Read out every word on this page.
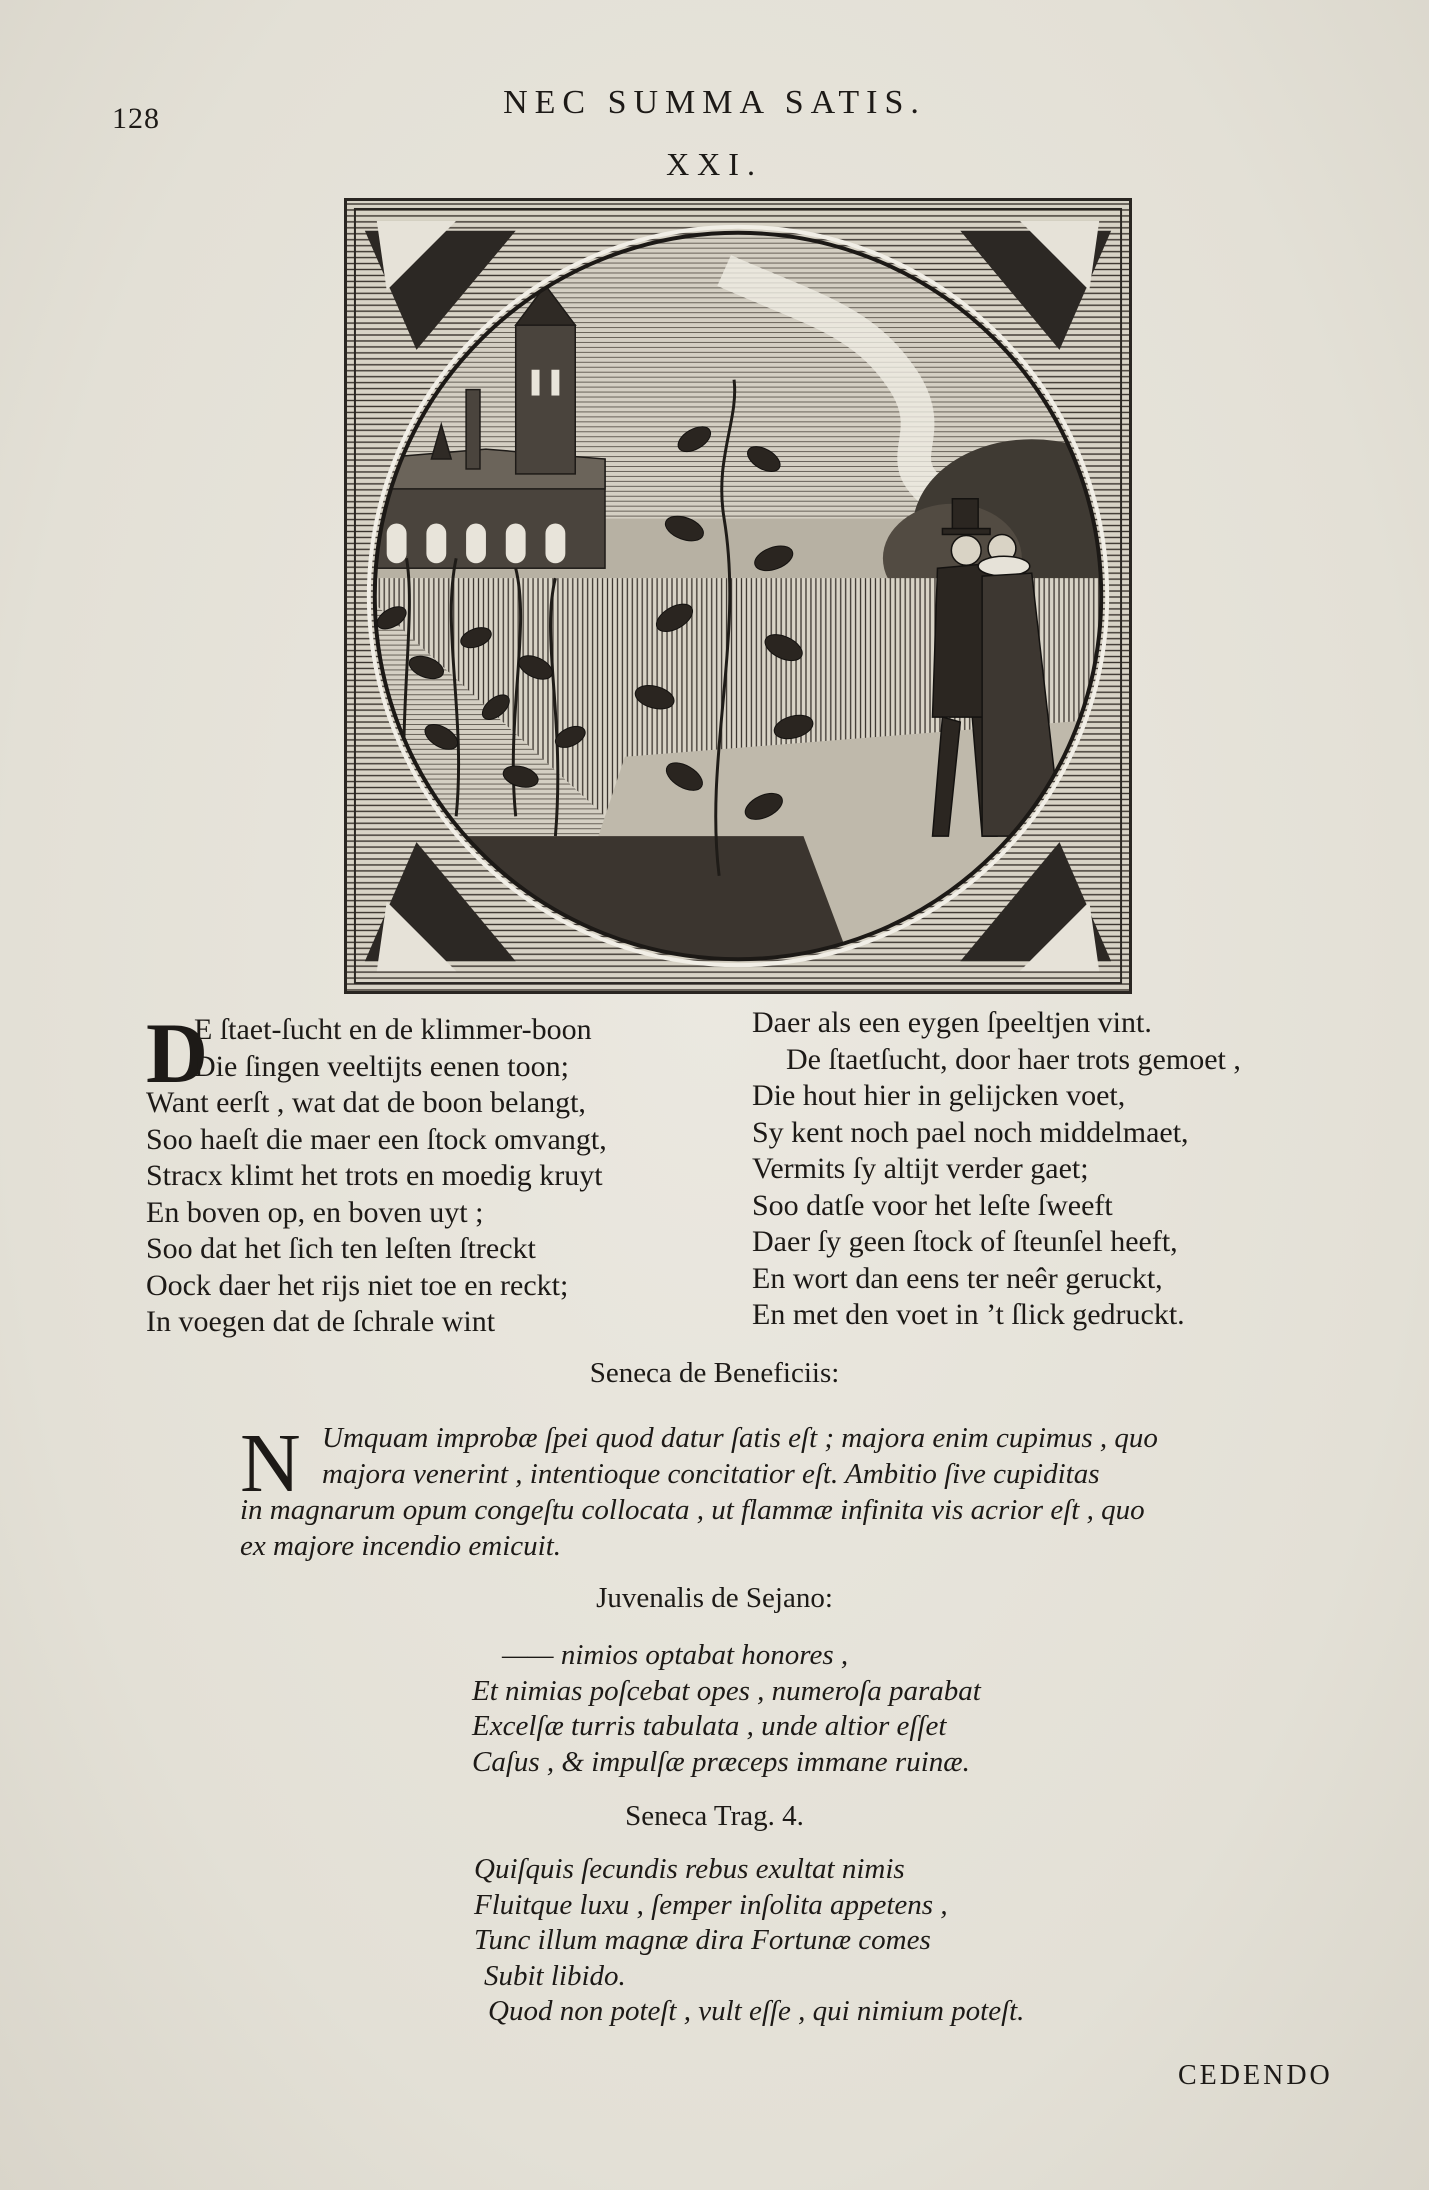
128	NEC SUMMA SATIS.
XXI.
D
E ſtaet-ſucht en de klimmer-boon
Die ſingen veeltijts eenen toon;
Want eerſt , wat dat de boon belangt,
Soo haeſt die maer een ſtock omvangt,
Stracx klimt het trots en moedig kruyt
En boven op, en boven uyt ;
Soo dat het ſich ten leſten ſtreckt
Oock daer het rijs niet toe en reckt;
In voegen dat de ſchrale wint
Daer als een eygen ſpeeltjen vint.
De ſtaetſucht, door haer trots gemoet ,
Die hout hier in gelijcken voet,
Sy kent noch pael noch middelmaet,
Vermits ſy altijt verder gaet;
Soo datſe voor het leſte ſweeft
Daer ſy geen ſtock of ſteunſel heeft,
En wort dan eens ter neêr geruckt,
En met den voet in ’t ſlick gedruckt.
Seneca de Beneficiis:
N Umquam improbæ ſpei quod datur ſatis eſt ; majora enim cupimus , quo
majora venerint , intentioque concitatior eſt. Ambitio ſive cupiditas
in magnarum opum congeſtu collocata , ut flammæ infinita vis acrior eſt , quo
ex majore incendio emicuit.
Juvenalis de Sejano:
—— nimios optabat honores ,
Et nimias poſcebat opes , numeroſa parabat
Excelſæ turris tabulata , unde altior eſſet
Caſus , & impulſæ præceps immane ruinæ.
Seneca Trag. 4.
Quiſquis ſecundis rebus exultat nimis
Fluitque luxu , ſemper inſolita appetens ,
Tunc illum magnæ dira Fortunæ comes
Subit libido.
Quod non poteſt , vult eſſe , qui nimium poteſt.
CEDENDO
